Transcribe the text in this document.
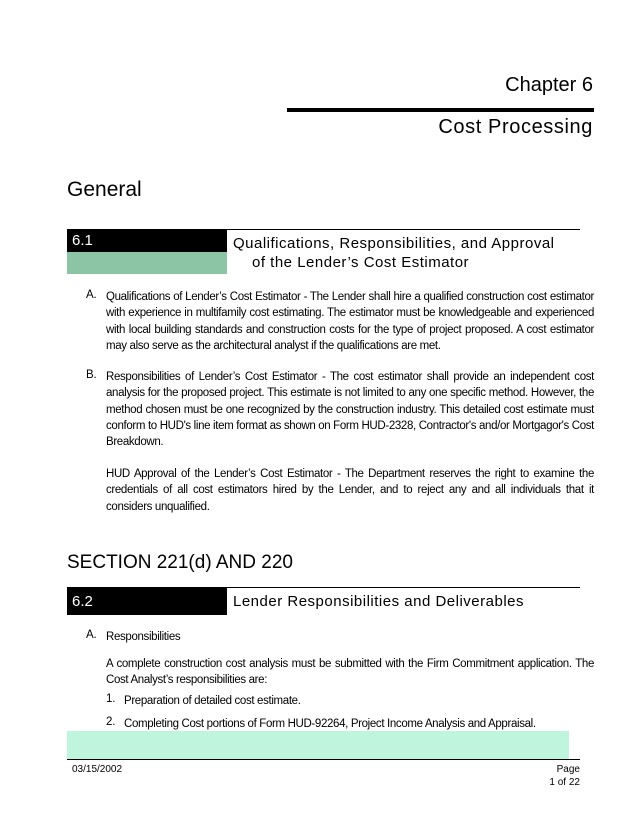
Chapter 6
Cost Processing
General
6.1	Qualifications, Responsibilities, and Approval
of the Lender’s Cost Estimator
A. Qualifications of Lender’s Cost Estimator - The Lender shall hire a qualified construction cost estimator with experience in multifamily cost estimating. The estimator must be knowledgeable and experienced with local building standards and construction costs for the type of project proposed. A cost estimator may also serve as the architectural analyst if the qualifications are met.
B. Responsibilities of Lender’s Cost Estimator - The cost estimator shall provide an independent cost analysis for the proposed project. This estimate is not limited to any one specific method. However, the method chosen must be one recognized by the construction industry. This detailed cost estimate must conform to HUD's line item format as shown on Form HUD-2328, Contractor's and/or Mortgagor's Cost Breakdown.
HUD Approval of the Lender’s Cost Estimator - The Department reserves the right to examine the credentials of all cost estimators hired by the Lender, and to reject any and all individuals that it considers unqualified.
SECTION 221(d) AND 220
6.2	Lender Responsibilities and Deliverables
A. Responsibilities
A complete construction cost analysis must be submitted with the Firm Commitment application. The Cost Analyst’s responsibilities are:
1. Preparation of detailed cost estimate.
2. Completing Cost portions of Form HUD-92264, Project Income Analysis and Appraisal.
03/15/2002	Page
1 of 22
